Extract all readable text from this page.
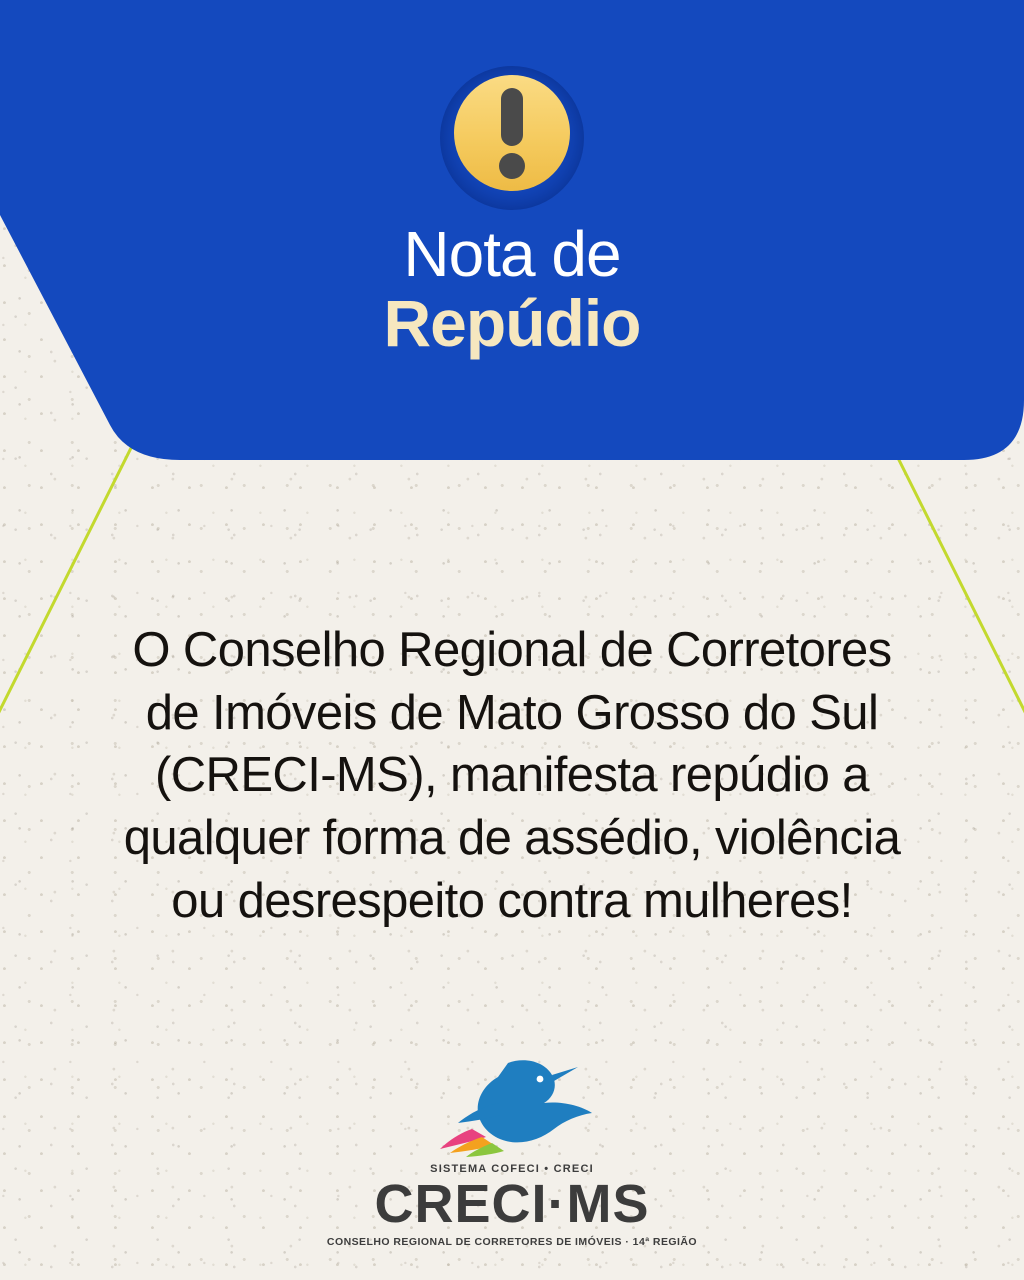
Nota de
Repúdio

O Conselho Regional de Corretores de Imóveis de Mato Grosso do Sul (CRECI-MS), manifesta repúdio a qualquer forma de assédio, violência ou desrespeito contra mulheres!

SISTEMA COFECI • CRECI
CRECI·MS
CONSELHO REGIONAL DE CORRETORES DE IMÓVEIS · 14ª REGIÃO
